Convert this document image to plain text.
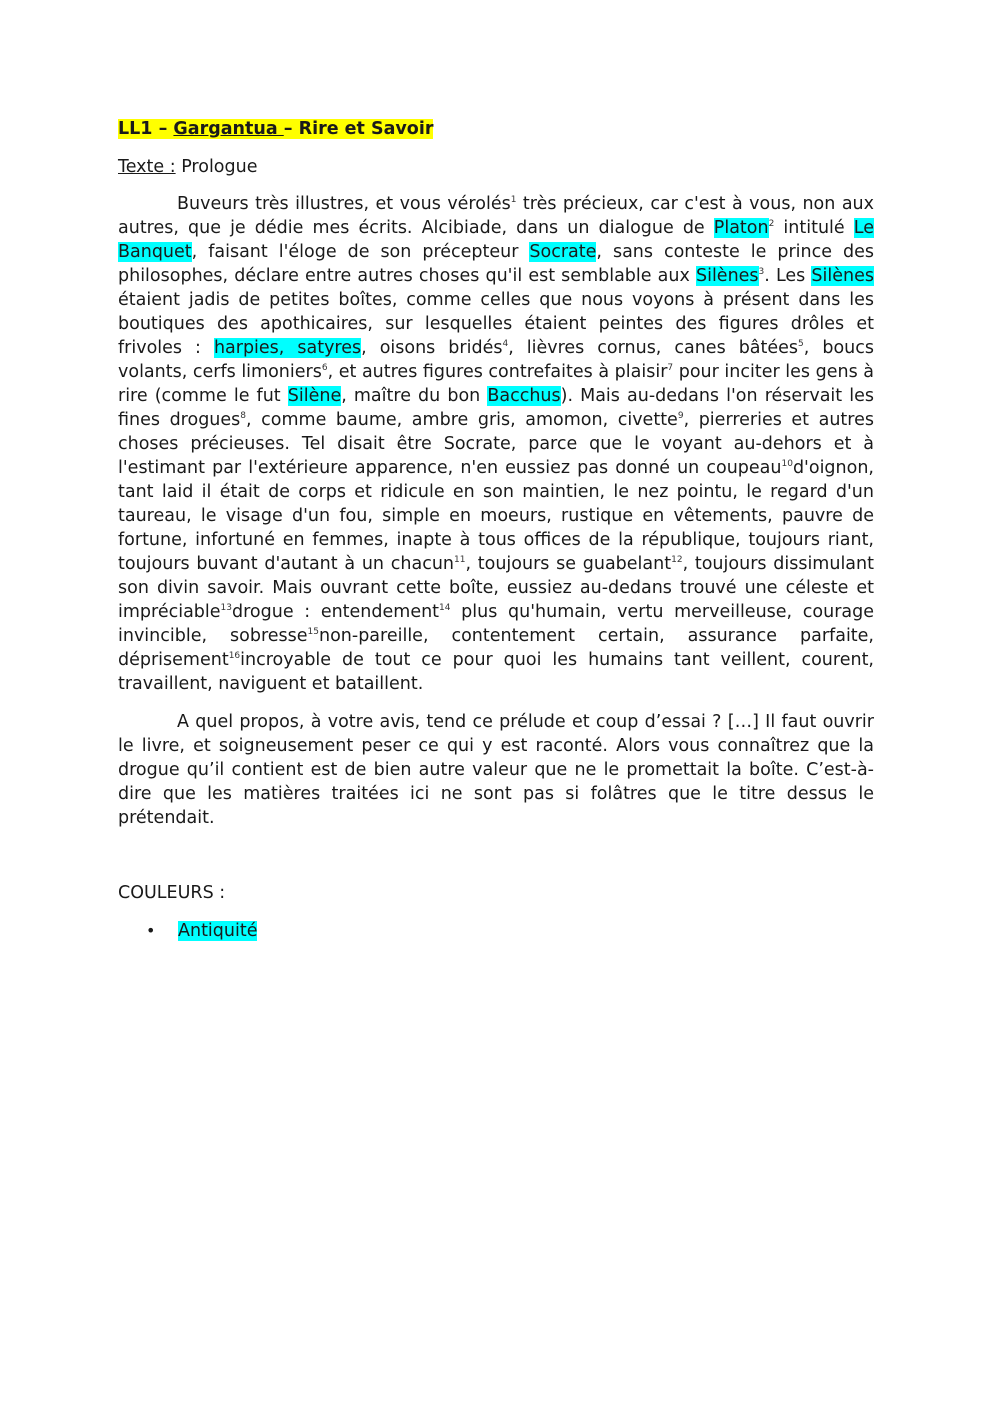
LL1 – Gargantua – Rire et Savoir
Texte : Prologue

Buveurs très illustres, et vous vérolés$^1$ très précieux, car c'est à vous, non aux autres, que je dédie mes écrits. Alcibiade, dans un dialogue de Platon$^2$ intitulé Le Banquet, faisant l'éloge de son précepteur Socrate, sans conteste le prince des philosophes, déclare entre autres choses qu'il est semblable aux Silènes$^3$. Les Silènes étaient jadis de petites boîtes, comme celles que nous voyons à présent dans les boutiques des apothicaires, sur lesquelles étaient peintes des figures drôles et frivoles : harpies, satyres, oisons bridés$^4$, lièvres cornus, canes bâtées$^5$, boucs volants, cerfs limoniers$^6$, et autres figures contrefaites à plaisir$^7$ pour inciter les gens à rire (comme le fut Silène, maître du bon Bacchus). Mais au-dedans l'on réservait les fines drogues$^8$, comme baume, ambre gris, amomon, civette$^9$, pierreries et autres choses précieuses. Tel disait être Socrate, parce que le voyant au-dehors et à l'estimant par l'extérieure apparence, n'en eussiez pas donné un coupeau$^{10}$d'oignon, tant laid il était de corps et ridicule en son maintien, le nez pointu, le regard d'un taureau, le visage d'un fou, simple en moeurs, rustique en vêtements, pauvre de fortune, infortuné en femmes, inapte à tous offices de la république, toujours riant, toujours buvant d'autant à un chacun$^{11}$, toujours se guabelant$^{12}$, toujours dissimulant son divin savoir. Mais ouvrant cette boîte, eussiez au-dedans trouvé une céleste et impréciable$^{13}$drogue : entendement$^{14}$ plus qu'humain, vertu merveilleuse, courage invincible, sobresse$^{15}$non-pareille, contentement certain, assurance parfaite, déprisement$^{16}$incroyable de tout ce pour quoi les humains tant veillent, courent, travaillent, naviguent et bataillent.

A quel propos, à votre avis, tend ce prélude et coup d’essai ? […] Il faut ouvrir le livre, et soigneusement peser ce qui y est raconté. Alors vous connaîtrez que la drogue qu’il contient est de bien autre valeur que ne le promettait la boîte. C’est-à-dire que les matières traitées ici ne sont pas si folâtres que le titre dessus le prétendait.

COULEURS :
• Antiquité
